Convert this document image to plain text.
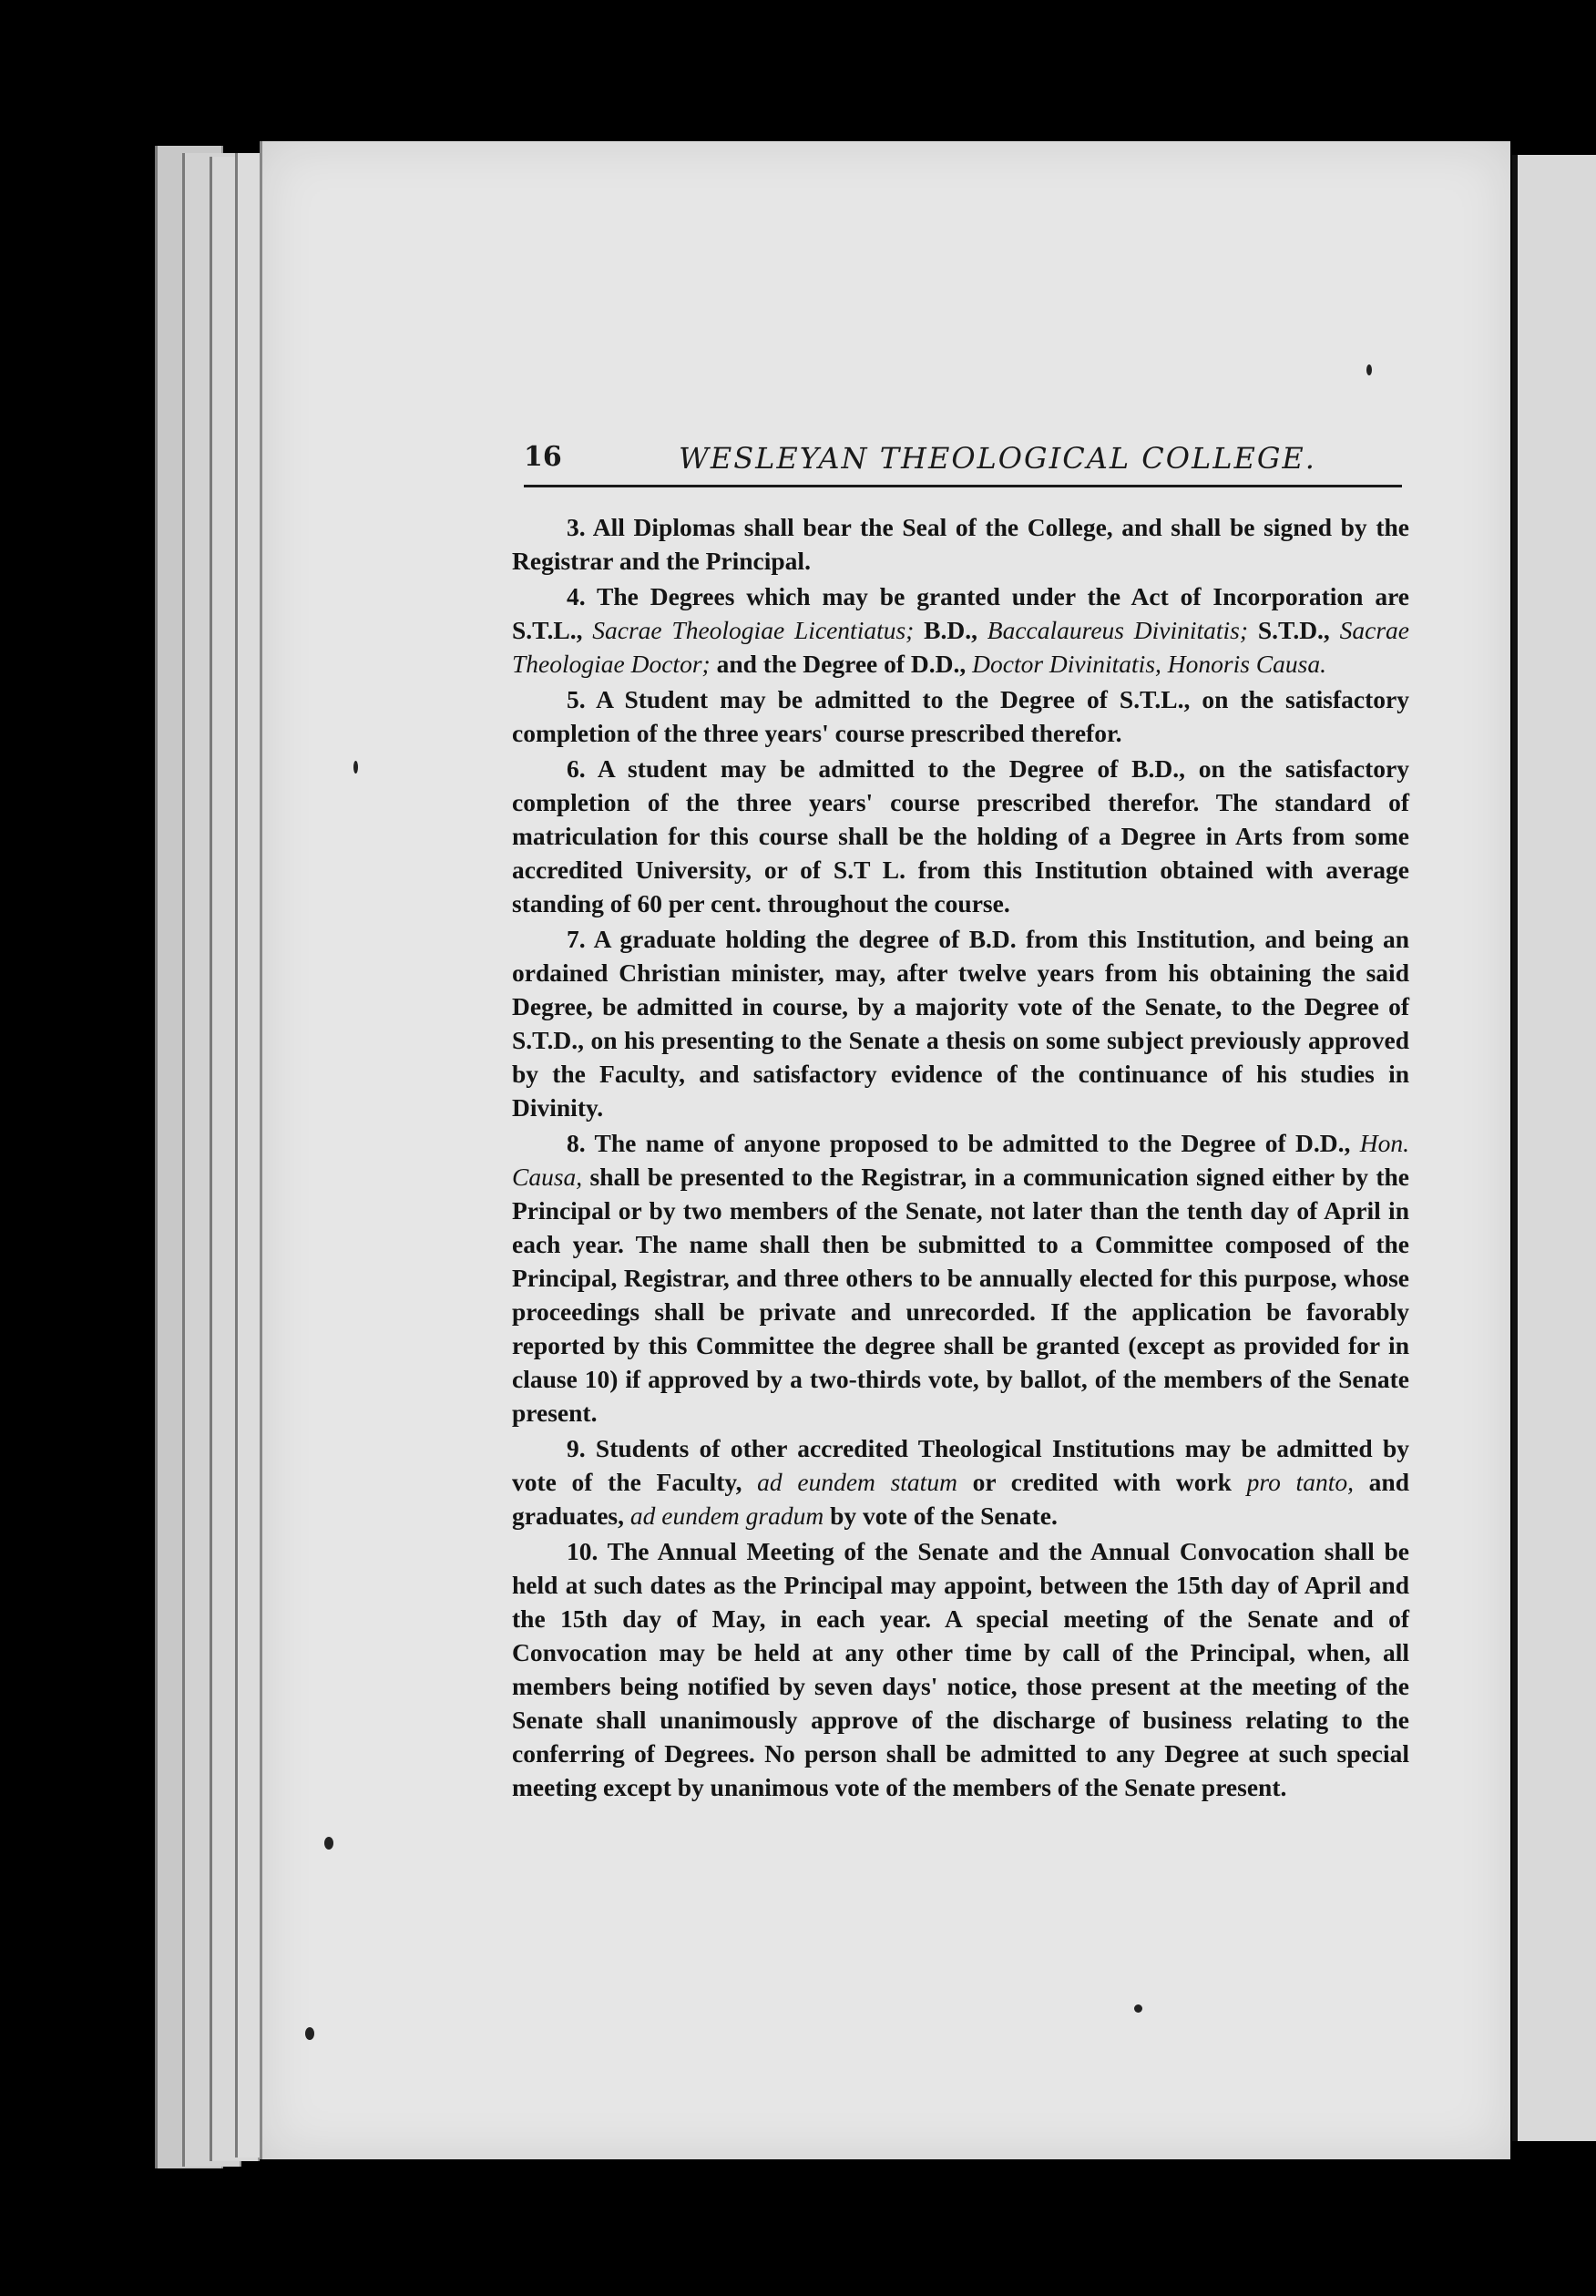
16	WESLEYAN THEOLOGICAL COLLEGE.

3. All Diplomas shall bear the Seal of the College, and shall be signed by the Registrar and the Principal.

4. The Degrees which may be granted under the Act of Incorporation are S.T.L., Sacrae Theologiae Licentiatus; B.D., Baccalaureus Divinitatis; S.T.D., Sacrae Theologiae Doctor; and the Degree of D.D., Doctor Divinitatis, Honoris Causa.

5. A Student may be admitted to the Degree of S.T.L., on the satisfactory completion of the three years' course prescribed therefor.

6. A student may be admitted to the Degree of B.D., on the satisfactory completion of the three years' course prescribed therefor. The standard of matriculation for this course shall be the holding of a Degree in Arts from some accredited University, or of S.T L. from this Institution obtained with average standing of 60 per cent. throughout the course.

7. A graduate holding the degree of B.D. from this Institution, and being an ordained Christian minister, may, after twelve years from his obtaining the said Degree, be admitted in course, by a majority vote of the Senate, to the Degree of S.T.D., on his presenting to the Senate a thesis on some subject previously approved by the Faculty, and satisfactory evidence of the continuance of his studies in Divinity.

8. The name of anyone proposed to be admitted to the Degree of D.D., Hon. Causa, shall be presented to the Registrar, in a communication signed either by the Principal or by two members of the Senate, not later than the tenth day of April in each year. The name shall then be submitted to a Committee composed of the Principal, Registrar, and three others to be annually elected for this purpose, whose proceedings shall be private and unrecorded. If the application be favorably reported by this Committee the degree shall be granted (except as provided for in clause 10) if approved by a two-thirds vote, by ballot, of the members of the Senate present.

9. Students of other accredited Theological Institutions may be admitted by vote of the Faculty, ad eundem statum or credited with work pro tanto, and graduates, ad eundem gradum by vote of the Senate.

10. The Annual Meeting of the Senate and the Annual Convocation shall be held at such dates as the Principal may appoint, between the 15th day of April and the 15th day of May, in each year. A special meeting of the Senate and of Convocation may be held at any other time by call of the Principal, when, all members being notified by seven days' notice, those present at the meeting of the Senate shall unanimously approve of the discharge of business relating to the conferring of Degrees. No person shall be admitted to any Degree at such special meeting except by unanimous vote of the members of the Senate present.
